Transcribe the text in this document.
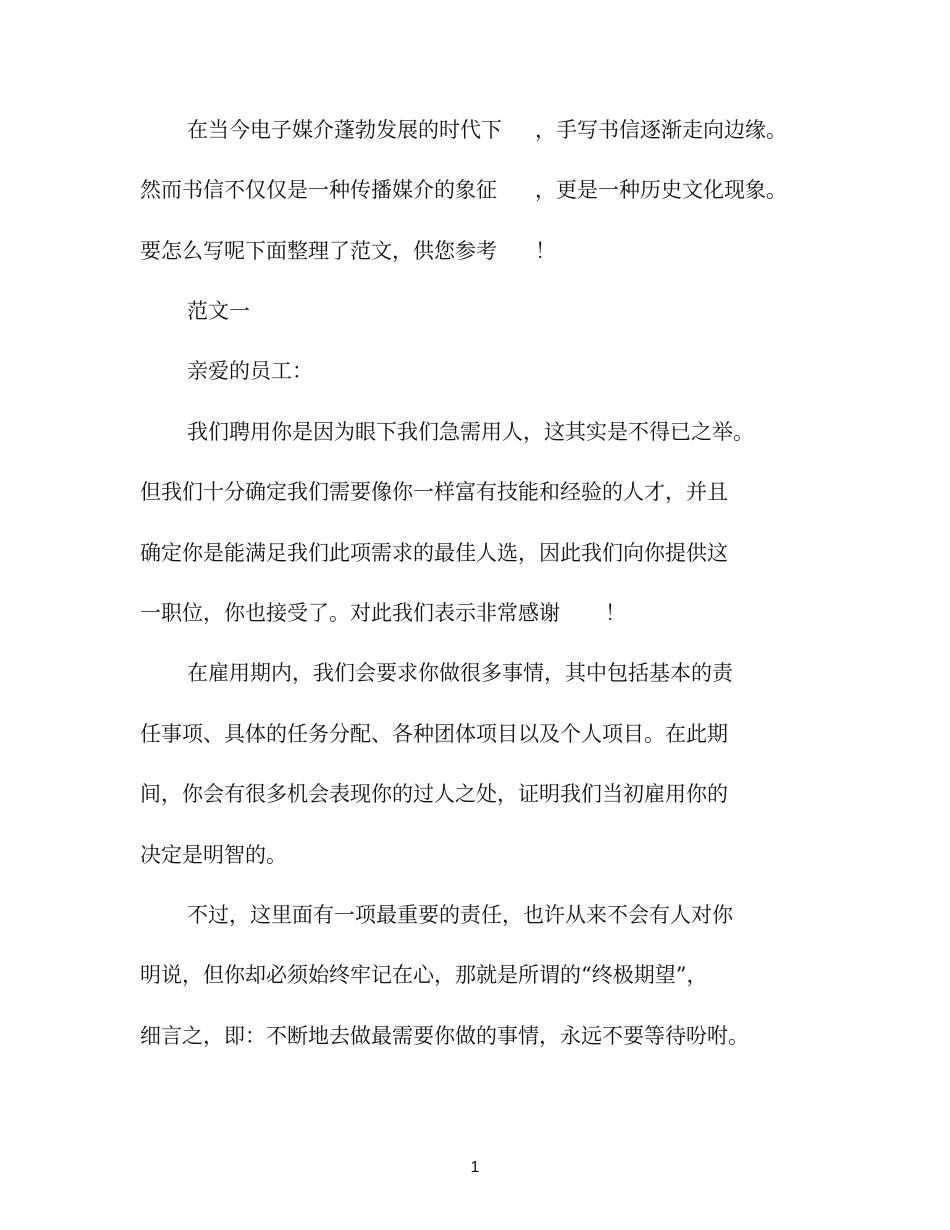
在当今电子媒介蓬勃发展的时代下 ，手写书信逐渐走向边缘。
然而书信不仅仅是一种传播媒介的象征 ，更是一种历史文化现象。
要怎么写呢下面整理了范文，供您参考 ！
范文一
亲爱的员工：
我们聘用你是因为眼下我们急需用人，这其实是不得已之举。
但我们十分确定我们需要像你一样富有技能和经验的人才，并且
确定你是能满足我们此项需求的最佳人选，因此我们向你提供这
一职位，你也接受了。对此我们表示非常感谢 ！
在雇用期内，我们会要求你做很多事情，其中包括基本的责
任事项、具体的任务分配、各种团体项目以及个人项目。在此期
间，你会有很多机会表现你的过人之处，证明我们当初雇用你的
决定是明智的。
不过，这里面有一项最重要的责任，也许从来不会有人对你
明说，但你却必须始终牢记在心，那就是所谓的“终极期望”，
细言之，即：不断地去做最需要你做的事情，永远不要等待吩咐。
1
